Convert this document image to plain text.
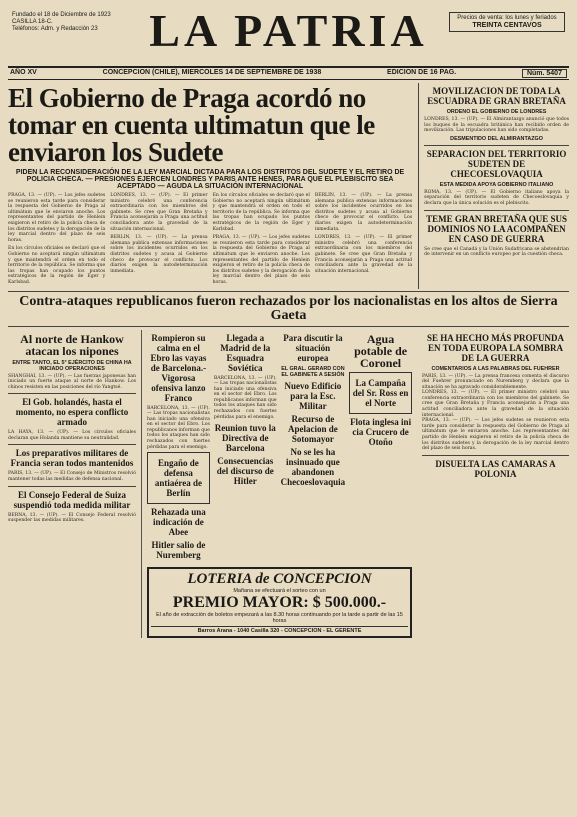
Fundado el 18 de Diciembre de 1923
CASILLA 18-C.
Teléfonos: Adm. y Redacción 23	LA PATRIA	Precios de venta: los lunes y feriados
TREINTA CENTAVOS
AÑO XV	CONCEPCION (CHILE), MIERCOLES 14 DE SEPTIEMBRE DE 1938	EDICION DE 16 PAG.	Núm. 5407
El Gobierno de Praga acordó no tomar en cuenta ultimatun que le enviaron los Sudete
PIDEN LA RECONSIDERACIÓN DE LA LEY MARCIAL DICTADA PARA LOS DISTRITOS DEL SUDETE Y EL RETIRO DE POLICIA CHECA. — PRESIONES EJERCEN LONDRES Y PARIS ANTE HENES, PARA QUE EL PLEBISCITO SEA ACEPTADO — AGUDA LA SITUACIÓN INTERNACIONAL

PRAGA, 13. — (UP). — Los jefes sudetes se reunieron esta tarde para considerar la respuesta del Gobierno de Praga al ultimátum que le enviaron anoche. Los representantes del partido de Henlein exigieron el retiro de la policía checa de los distritos sudetes y la derogación de la ley marcial dentro del plazo de seis horas.

En los círculos oficiales se declaró que el Gobierno no aceptará ningún ultimátum y que mantendrá el orden en todo el territorio de la república. Se informa que las tropas han ocupado los puntos estratégicos de la región de Eger y Karlsbad.

LONDRES, 13. — (UP). — El primer ministro celebró una conferencia extraordinaria con los miembros del gabinete. Se cree que Gran Bretaña y Francia aconsejarán a Praga una actitud conciliadora ante la gravedad de la situación internacional.

BERLIN, 13. — (UP). — La prensa alemana publica extensas informaciones sobre los incidentes ocurridos en los distritos sudetes y acusa al Gobierno checo de provocar el conflicto. Los diarios exigen la autodeterminación inmediata.

En los círculos oficiales se declaró que el Gobierno no aceptará ningún ultimátum y que mantendrá el orden en todo el territorio de la república. Se informa que las tropas han ocupado los puntos estratégicos de la región de Eger y Karlsbad.

PRAGA, 13. — (UP). — Los jefes sudetes se reunieron esta tarde para considerar la respuesta del Gobierno de Praga al ultimátum que le enviaron anoche. Los representantes del partido de Henlein exigieron el retiro de la policía checa de los distritos sudetes y la derogación de la ley marcial dentro del plazo de seis horas.

BERLIN, 13. — (UP). — La prensa alemana publica extensas informaciones sobre los incidentes ocurridos en los distritos sudetes y acusa al Gobierno checo de provocar el conflicto. Los diarios exigen la autodeterminación inmediata.

LONDRES, 13. — (UP). — El primer ministro celebró una conferencia extraordinaria con los miembros del gabinete. Se cree que Gran Bretaña y Francia aconsejarán a Praga una actitud conciliadora ante la gravedad de la situación internacional.

MOVILIZACION DE TODA LA ESCUADRA DE GRAN BRETAÑA
ORDENO EL GOBIERNO DE LONDRES
LONDRES, 13. — (UP). — El Almirantazgo anunció que todos los buques de la escuadra británica han recibido orden de movilización. Las tripulaciones han sido completadas.
DESMENTIDO DEL ALMIRANTAZGO
SEPARACION DEL TERRITORIO SUDETEN DE CHECOESLOVAQUIA
ESTA MEDIDA APOYA GOBIERNO ITALIANO
ROMA, 13. — (UP). — El Gobierno italiano apoya la separación del territorio sudeten de Checoeslovaquia y declara que la única solución es el plebiscito.
TEME GRAN BRETAÑA QUE SUS DOMINIOS NO LA ACOMPAÑEN EN CASO DE GUERRA
Se cree que el Canadá y la Unión Sudafricana se abstendrían de intervenir en un conflicto europeo por la cuestión checa.
Contra-ataques republicanos fueron rechazados por los nacionalistas en los altos de Sierra Gaeta
Al norte de Hankow atacan los nipones
ENTRE TANTO, EL 5° EJÉRCITO DE CHINA HA INICIADO OPERACIONES
SHANGHAI, 13. — (UP). — Las fuerzas japonesas han iniciado un fuerte ataque al norte de Hankow. Los chinos resisten en las posiciones del río Yangtsé.
El Gob. holandés, hasta el momento, no espera conflicto armado
LA HAYA, 13. — (UP). — Los círculos oficiales declaran que Holanda mantiene su neutralidad.
Los preparativos militares de Francia seran todos mantenidos
PARIS, 13. — (UP). — El Consejo de Ministros resolvió mantener todas las medidas de defensa nacional.
El Consejo Federal de Suiza suspendió toda medida militar
BERNA, 13. — (UP). — El Consejo Federal resolvió suspender las medidas militares.
Rompieron su calma en el Ebro las vayas de Barcelona.- Vigorosa ofensiva lanzo Franco
BARCELONA, 13. — (UP). — Las tropas nacionalistas han iniciado una ofensiva en el sector del Ebro. Los republicanos informan que todos los ataques han sido rechazados con fuertes pérdidas para el enemigo.
Engaño de defensa antiaérea de Berlín
Rehazada una indicación de Abee
Hitler salio de Nuremberg
Llegada a Madrid de la Esquadra Soviética
BARCELONA, 13. — (UP). — Las tropas nacionalistas han iniciado una ofensiva en el sector del Ebro. Los republicanos informan que todos los ataques han sido rechazados con fuertes pérdidas para el enemigo.
Reunion tuvo la Directiva de Barcelona
Consecuencias del discurso de Hitler
Para discutir la situación europea
EL GRAL. GERARD CON EL GABINETE A SESIÓN
Nuevo Edificio para la Esc. Militar
Recurso de Apelacion de Sotomayor
No se les ha insinuado que abandonen Checoeslovaquia
Agua potable de Coronel
La Campaña del Sr. Ross en el Norte
Flota inglesa ini cia Crucero de Otoño
LOTERIA de CONCEPCION
Mañana se efectuará el sorteo con un
PREMIO MAYOR: $ 500.000.-
El año de extracción de boletos empezará a las 8.30 horas continuando por la tarde a partir de las 15 horas
Barros Arana - 1040 Casilla 320 - CONCEPCION - EL GERENTE
SE HA HECHO MÁS PROFUNDA EN TODA EUROPA LA SOMBRA DE LA GUERRA
COMENTARIOS A LAS PALABRAS DEL FUEHRER
PARIS, 13. — (UP). — La prensa francesa comenta el discurso del Fuehrer pronunciado en Nuremberg y declara que la situación se ha agravado considerablemente.
LONDRES, 13. — (UP). — El primer ministro celebró una conferencia extraordinaria con los miembros del gabinete. Se cree que Gran Bretaña y Francia aconsejarán a Praga una actitud conciliadora ante la gravedad de la situación internacional.
PRAGA, 13. — (UP). — Los jefes sudetes se reunieron esta tarde para considerar la respuesta del Gobierno de Praga al ultimátum que le enviaron anoche. Los representantes del partido de Henlein exigieron el retiro de la policía checa de los distritos sudetes y la derogación de la ley marcial dentro del plazo de seis horas.
DISUELTA LAS CAMARAS A POLONIA
